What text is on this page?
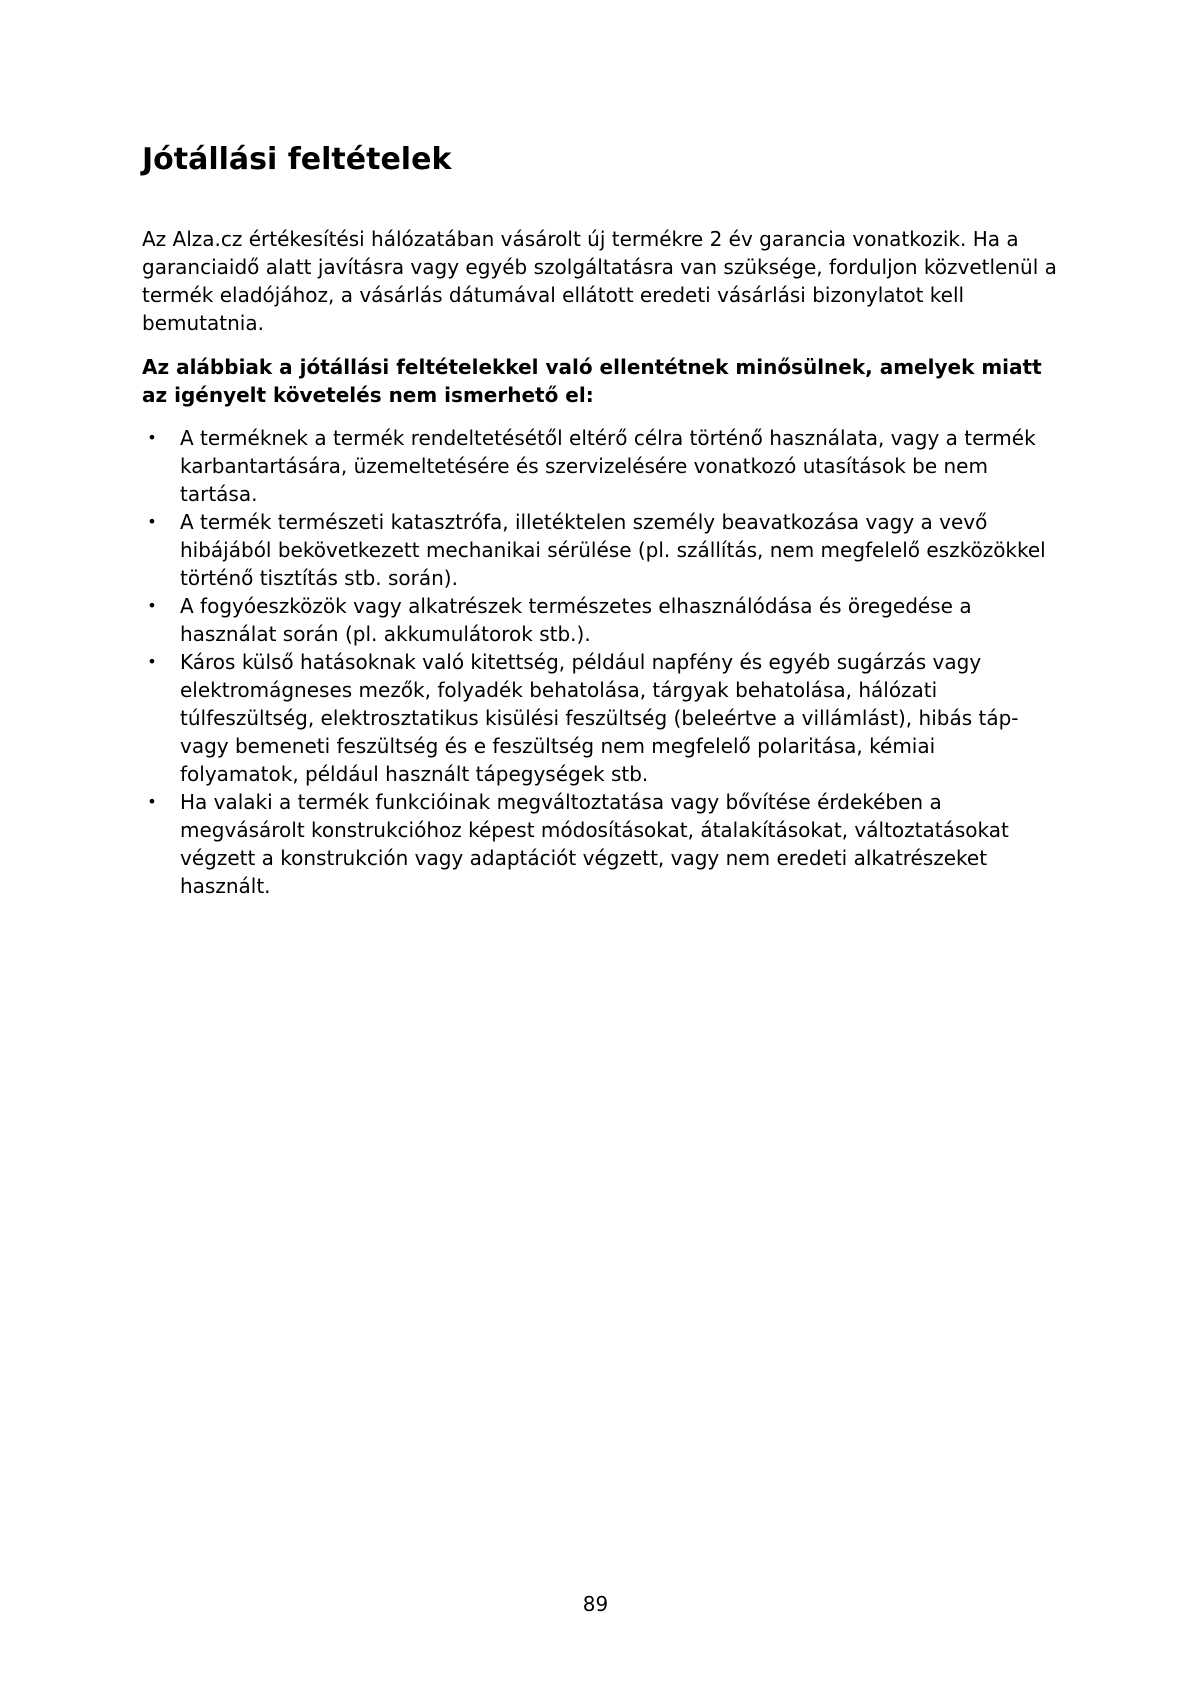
Jótállási feltételek

Az Alza.cz értékesítési hálózatában vásárolt új termékre 2 év garancia vonatkozik. Ha a
garanciaidő alatt javításra vagy egyéb szolgáltatásra van szüksége, forduljon közvetlenül a
termék eladójához, a vásárlás dátumával ellátott eredeti vásárlási bizonylatot kell
bemutatnia.

Az alábbiak a jótállási feltételekkel való ellentétnek minősülnek, amelyek miatt
az igényelt követelés nem ismerhető el:

• A terméknek a termék rendeltetésétől eltérő célra történő használata, vagy a termék
karbantartására, üzemeltetésére és szervizelésére vonatkozó utasítások be nem
tartása.
• A termék természeti katasztrófa, illetéktelen személy beavatkozása vagy a vevő
hibájából bekövetkezett mechanikai sérülése (pl. szállítás, nem megfelelő eszközökkel
történő tisztítás stb. során).
• A fogyóeszközök vagy alkatrészek természetes elhasználódása és öregedése a
használat során (pl. akkumulátorok stb.).
• Káros külső hatásoknak való kitettség, például napfény és egyéb sugárzás vagy
elektromágneses mezők, folyadék behatolása, tárgyak behatolása, hálózati
túlfeszültség, elektrosztatikus kisülési feszültség (beleértve a villámlást), hibás táp-
vagy bemeneti feszültség és e feszültség nem megfelelő polaritása, kémiai
folyamatok, például használt tápegységek stb.
• Ha valaki a termék funkcióinak megváltoztatása vagy bővítése érdekében a
megvásárolt konstrukcióhoz képest módosításokat, átalakításokat, változtatásokat
végzett a konstrukción vagy adaptációt végzett, vagy nem eredeti alkatrészeket
használt.
89
